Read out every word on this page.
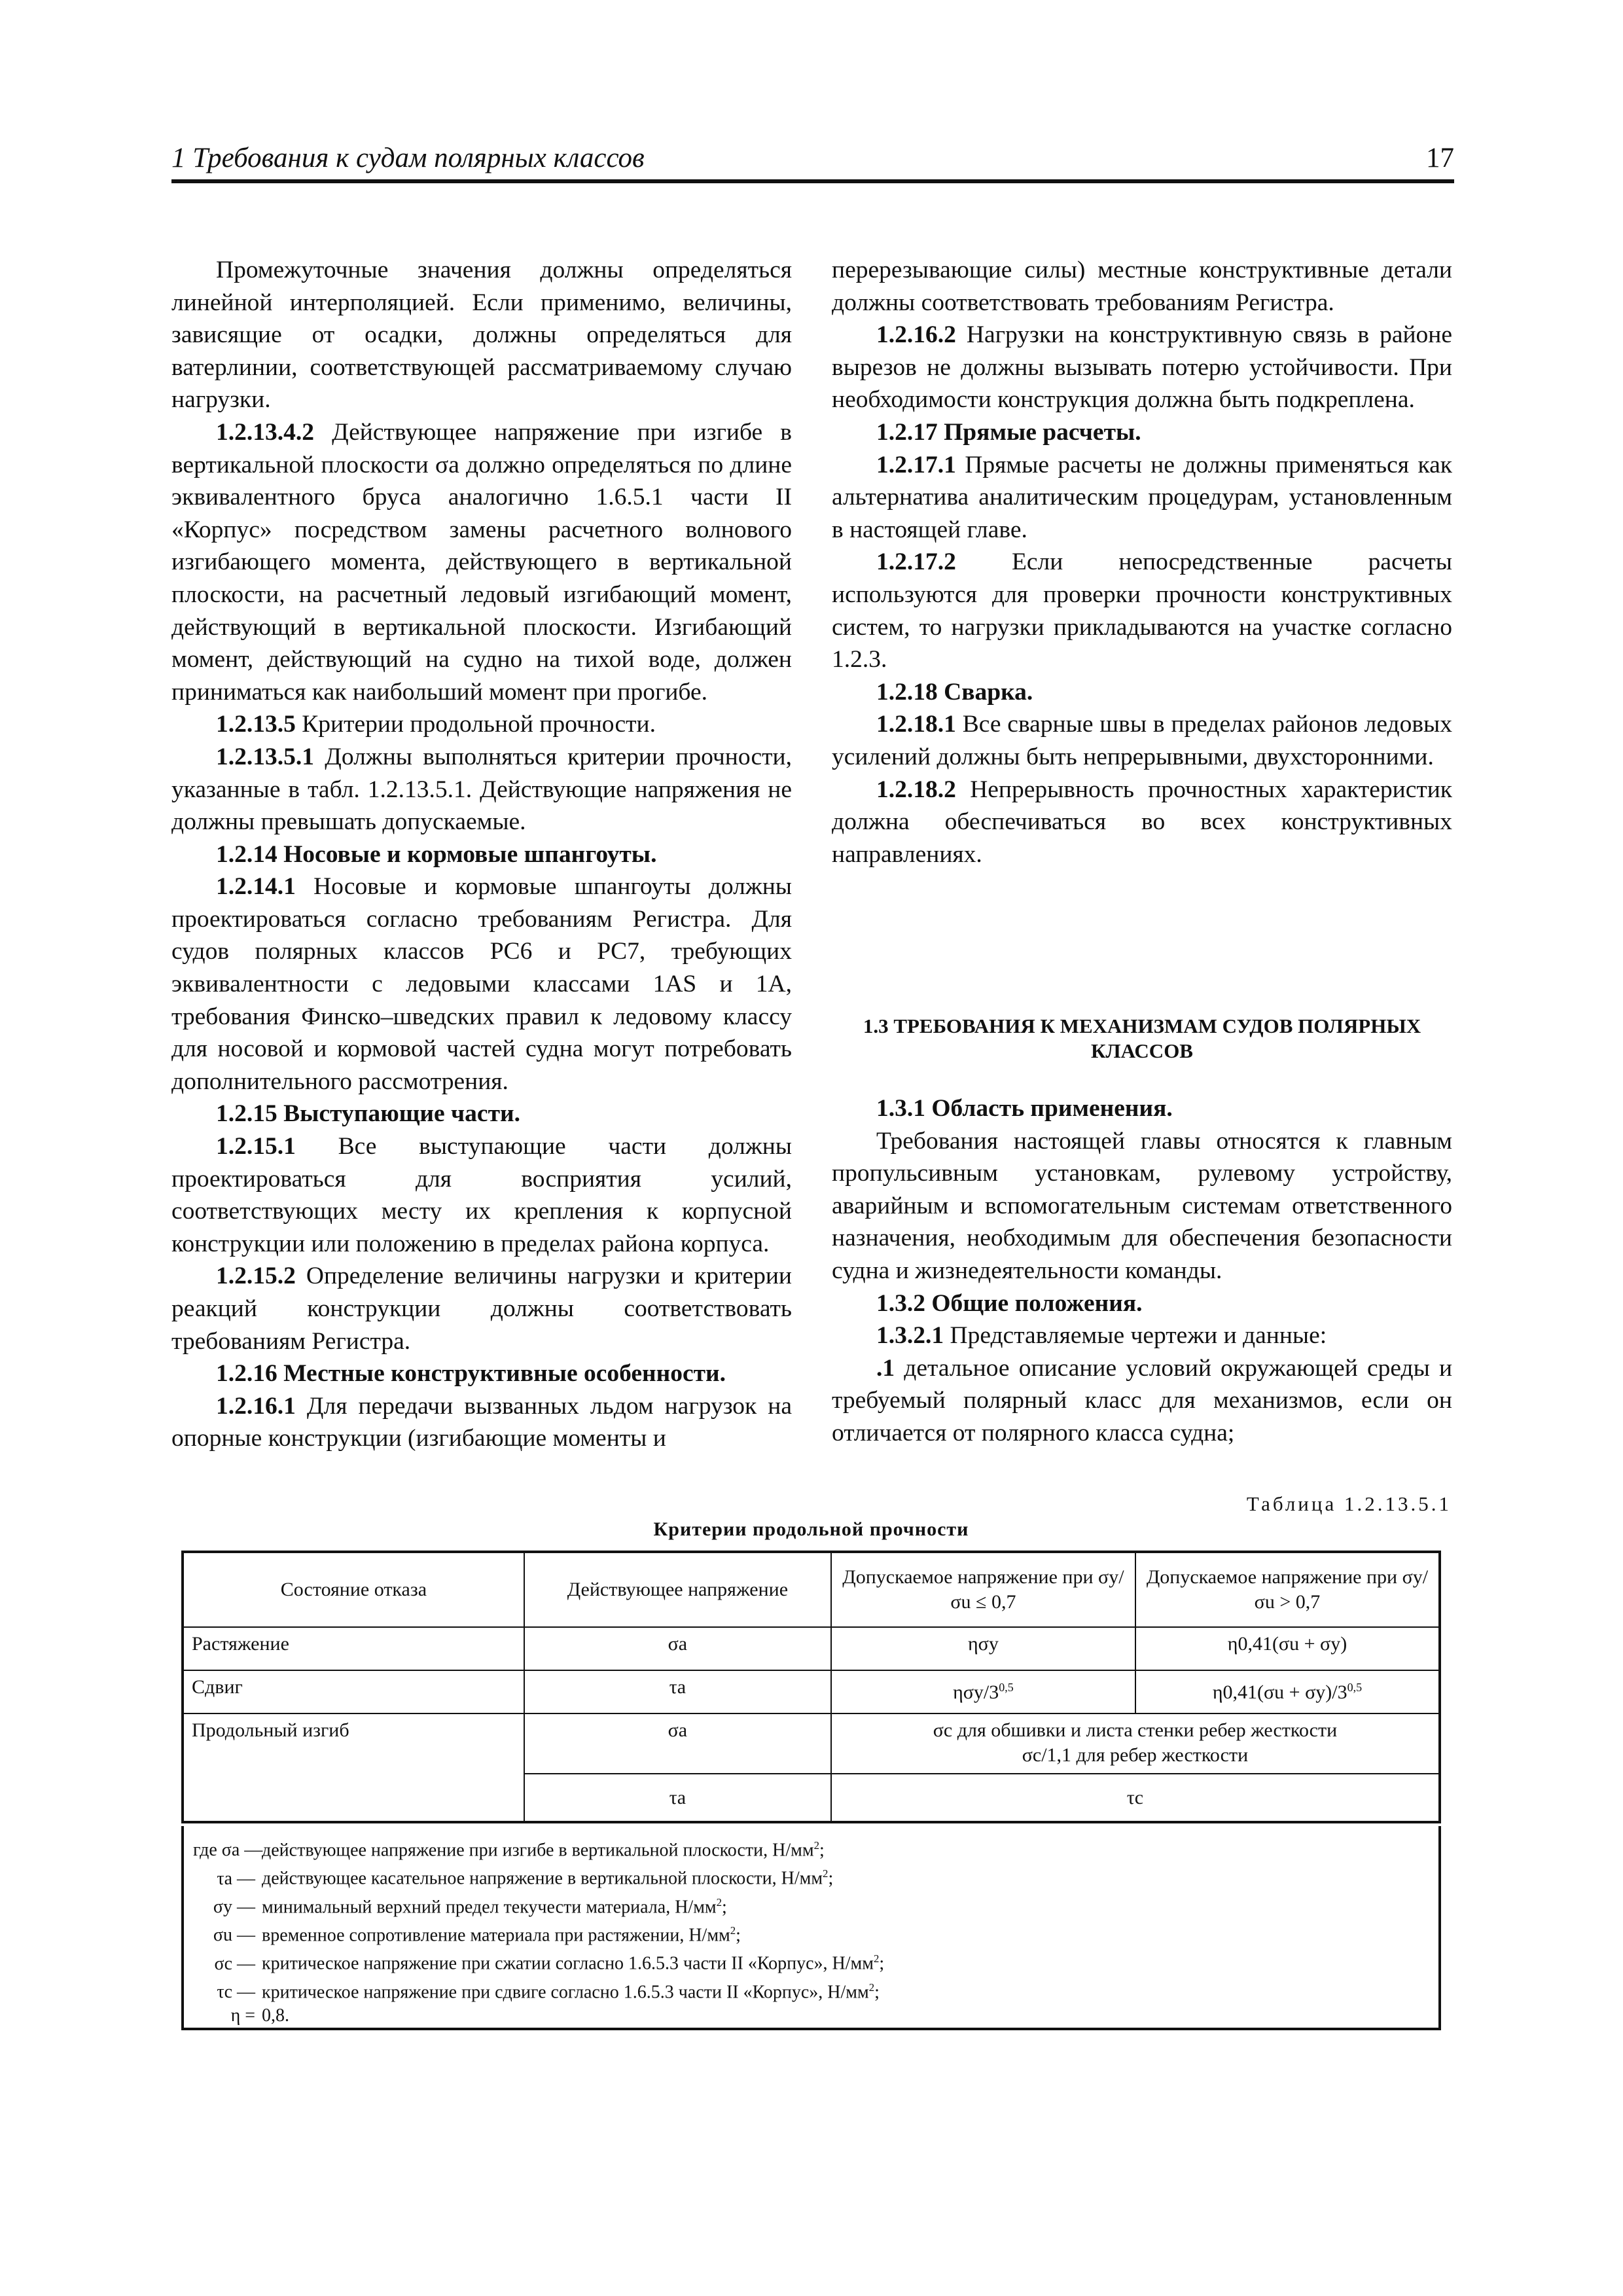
1 Требования к судам полярных классов	17

Промежуточные значения должны определяться линейной интерполяцией. Если применимо, величины, зависящие от осадки, должны определяться для ватерлинии, соответствующей рассматриваемому случаю нагрузки.

1.2.13.4.2 Действующее напряжение при изгибе в вертикальной плоскости σa должно определяться по длине эквивалентного бруса аналогично 1.6.5.1 части II «Корпус» посредством замены расчетного волнового изгибающего момента, действующего в вертикальной плоскости, на расчетный ледовый изгибающий момент, действующий в вертикальной плоскости. Изгибающий момент, действующий на судно на тихой воде, должен приниматься как наибольший момент при прогибе.

1.2.13.5 Критерии продольной прочности.

1.2.13.5.1 Должны выполняться критерии прочности, указанные в табл. 1.2.13.5.1. Действующие напряжения не должны превышать допускаемые.

1.2.14 Носовые и кормовые шпангоуты.

1.2.14.1 Носовые и кормовые шпангоуты должны проектироваться согласно требованиям Регистра. Для судов полярных классов PC6 и PC7, требующих эквивалентности с ледовыми классами 1AS и 1A, требования Финско–шведских правил к ледовому классу для носовой и кормовой частей судна могут потребовать дополнительного рассмотрения.

1.2.15 Выступающие части.

1.2.15.1 Все выступающие части должны проектироваться для восприятия усилий, соответствующих месту их крепления к корпусной конструкции или положению в пределах района корпуса.

1.2.15.2 Определение величины нагрузки и критерии реакций конструкции должны соответствовать требованиям Регистра.

1.2.16 Местные конструктивные особенности.

1.2.16.1 Для передачи вызванных льдом нагрузок на опорные конструкции (изгибающие моменты и

перерезывающие силы) местные конструктивные детали должны соответствовать требованиям Регистра.

1.2.16.2 Нагрузки на конструктивную связь в районе вырезов не должны вызывать потерю устойчивости. При необходимости конструкция должна быть подкреплена.

1.2.17 Прямые расчеты.

1.2.17.1 Прямые расчеты не должны применяться как альтернатива аналитическим процедурам, установленным в настоящей главе.

1.2.17.2 Если непосредственные расчеты используются для проверки прочности конструктивных систем, то нагрузки прикладываются на участке согласно 1.2.3.

1.2.18 Сварка.

1.2.18.1 Все сварные швы в пределах районов ледовых усилений должны быть непрерывными, двухсторонними.

1.2.18.2 Непрерывность прочностных характеристик должна обеспечиваться во всех конструктивных направлениях.

1.3 ТРЕБОВАНИЯ К МЕХАНИЗМАМ СУДОВ ПОЛЯРНЫХ КЛАССОВ

1.3.1 Область применения.

Требования настоящей главы относятся к главным пропульсивным установкам, рулевому устройству, аварийным и вспомогательным системам ответственного назначения, необходимым для обеспечения безопасности судна и жизнедеятельности команды.

1.3.2 Общие положения.

1.3.2.1 Представляемые чертежи и данные:

.1 детальное описание условий окружающей среды и требуемый полярный класс для механизмов, если он отличается от полярного класса судна;

Таблица 1.2.13.5.1
Критерии продольной прочности
Состояние отказа	Действующее напряжение	Допускаемое напряжение при σy/σu ≤ 0,7	Допускаемое напряжение при σy/σu > 0,7
Растяжение	σa	ησy	η0,41(σu + σy)
Сдвиг	τa	ησy/3$^{0,5}$	$\eta 0,41(\sigma u + \sigma y)/3^{0,5}$
Продольный изгиб	σa	σc для обшивки и листа стенки ребер жесткости
σc/1,1 для ребер жесткости	

	τa	τc	
где σa —действующее напряжение при изгибе в вертикальной плоскости, $Н/мм^2$;
τa — действующее касательное напряжение в вертикальной плоскости, $Н/мм^2$;
σy — минимальный верхний предел текучести материала, $Н/мм^2$;
σu — временное сопротивление материала при растяжении, $Н/мм^2$;
σc — критическое напряжение при сжатии согласно 1.6.5.3 части II «Корпус», $Н/мм^2$;
τc — критическое напряжение при сдвиге согласно 1.6.5.3 части II «Корпус», $Н/мм^2$;
η = 0,8.
